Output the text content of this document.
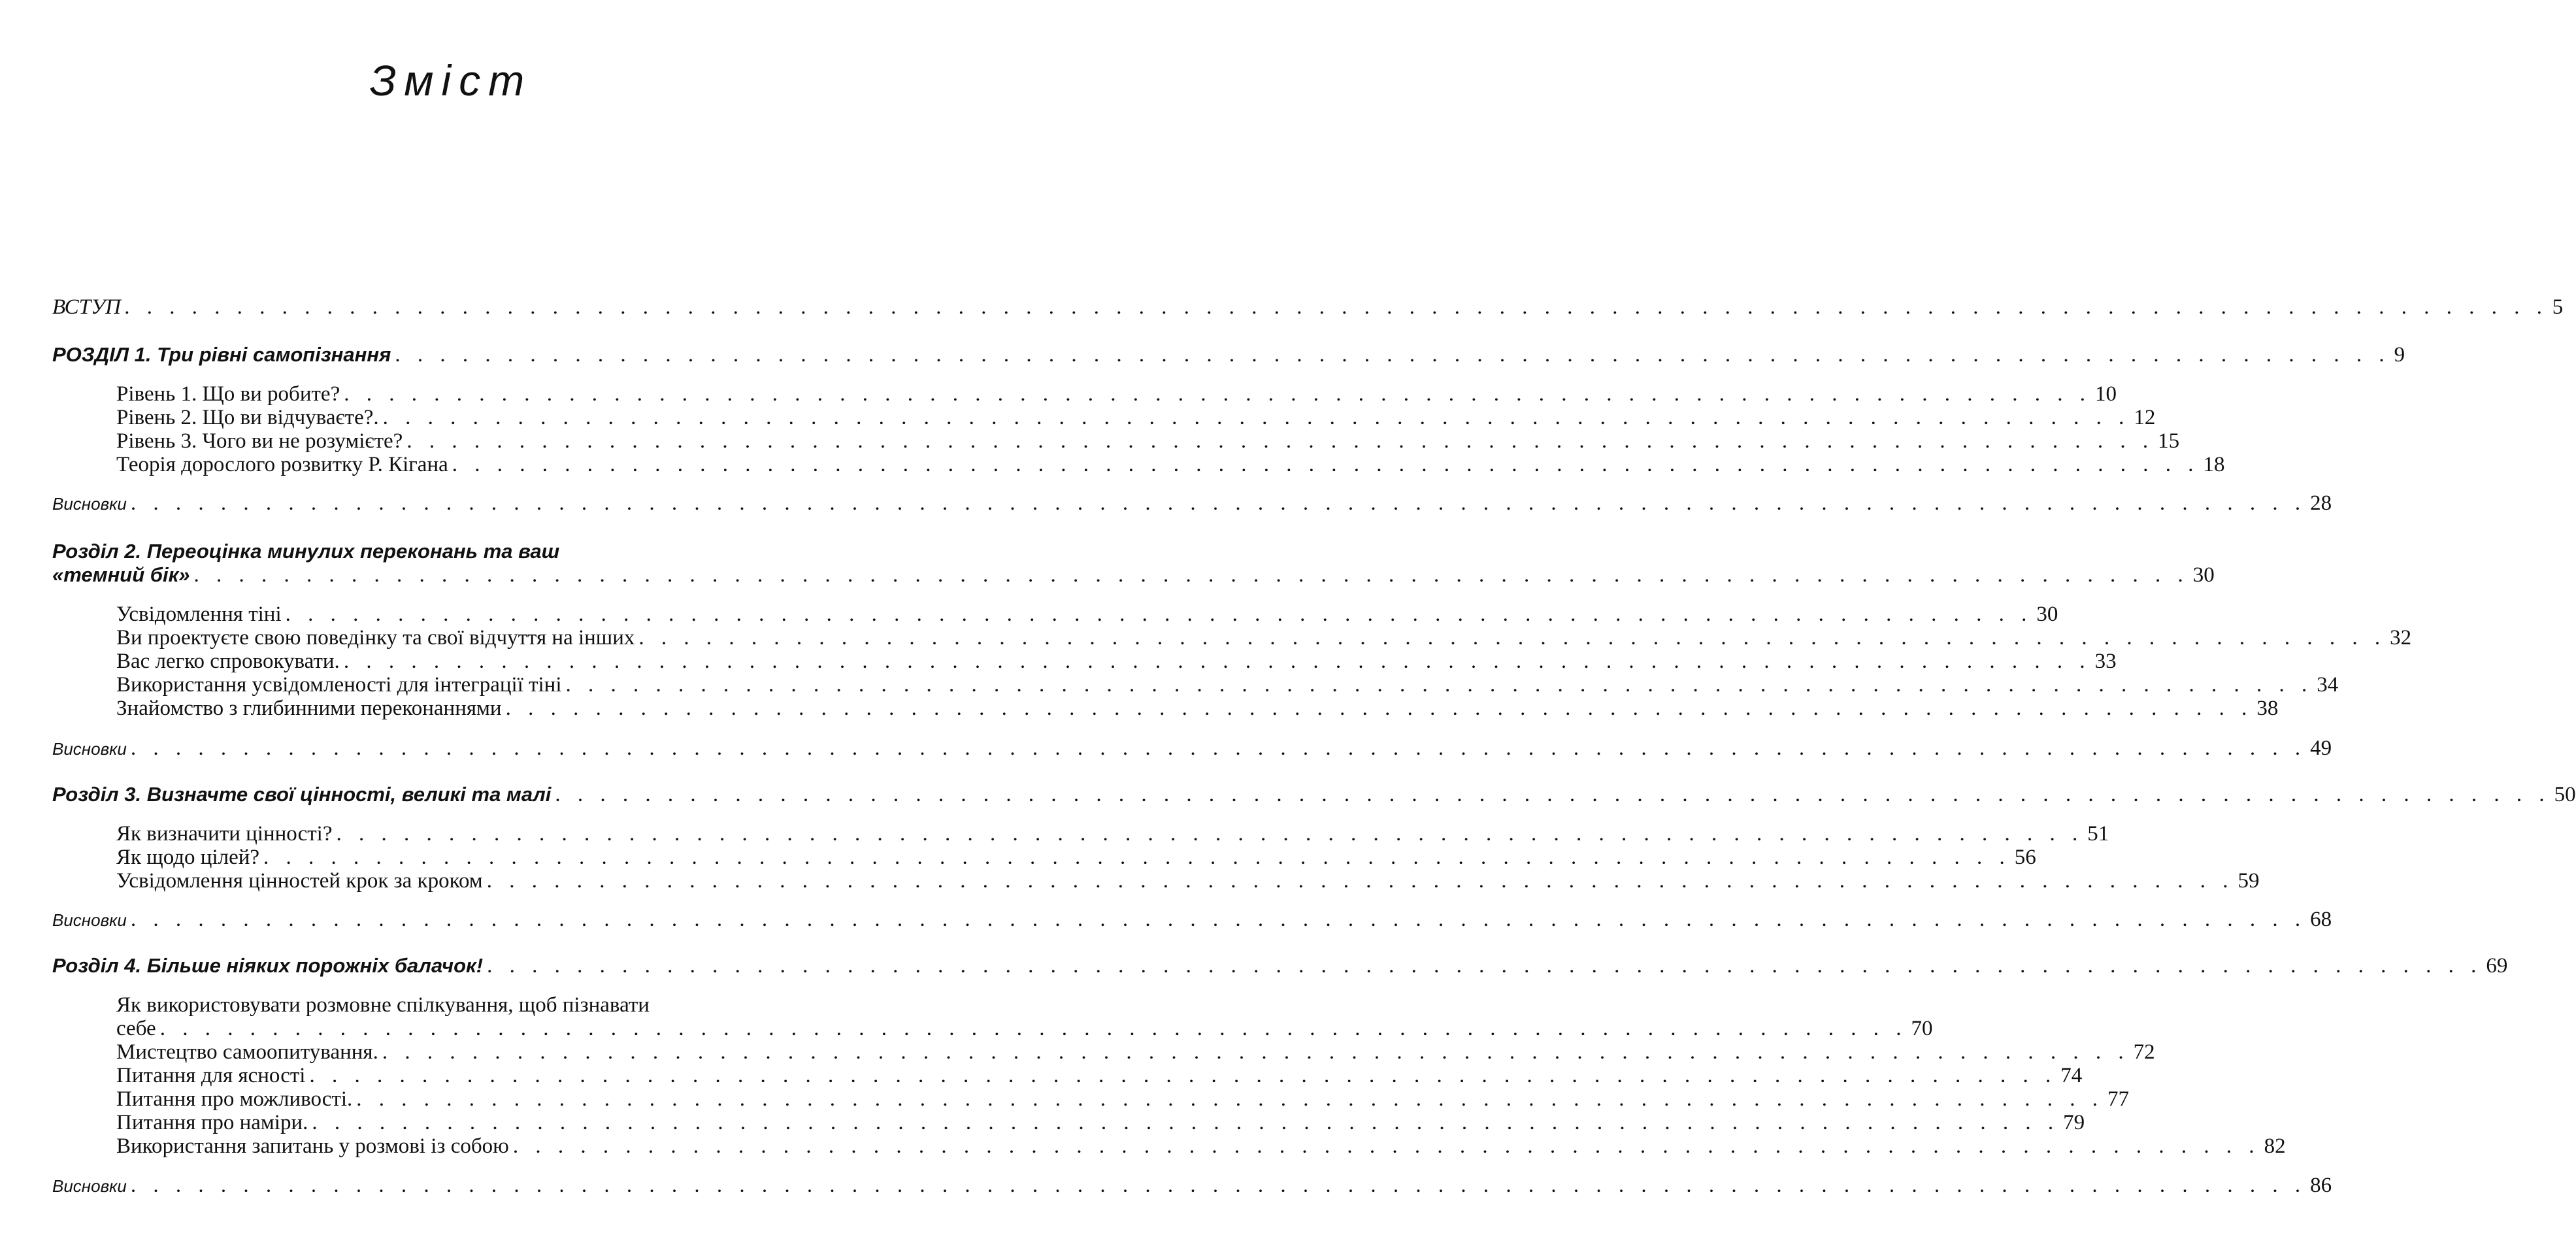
Зміст
ВСТУП . . . . . . . . . . . . . . . . . . . . . . . . . . . . . . . . . . . . . . . . . . . . . . . . . . . . . . . . . . . . . . . . . . . . . . . . . . . . . . . . . . . . . . . . . . . . . . . . . . . . . . . . . . . . 5
РОЗДІЛ 1. Три рівні самопізнання . . . . . . . . . . . . . . . . . . . . . . . . . . . . . . . . . . . . . . . . . . . . . . . . . . . . . . . . . . . . . . . . . . . . . . . . . . . . . . . . . . . . . . . . . 9
Рівень 1. Що ви робите? . . . . . . . . . . . . . . . . . . . . . . . . . . . . . . . . . . . . . . . . . . . . . . . . . . . . . . . . . . . . . . . . . . . . . . . . . . . . . . 10
Рівень 2. Що ви відчуваєте?. . . . . . . . . . . . . . . . . . . . . . . . . . . . . . . . . . . . . . . . . . . . . . . . . . . . . . . . . . . . . . . . . . . . . . . . . . . . . . . 12
Рівень 3. Чого ви не розумієте? . . . . . . . . . . . . . . . . . . . . . . . . . . . . . . . . . . . . . . . . . . . . . . . . . . . . . . . . . . . . . . . . . . . . . . . . . . . . . . 15
Теорія дорослого розвитку Р. Кігана . . . . . . . . . . . . . . . . . . . . . . . . . . . . . . . . . . . . . . . . . . . . . . . . . . . . . . . . . . . . . . . . . . . . . . . . . . . . . . 18
Висновки . . . . . . . . . . . . . . . . . . . . . . . . . . . . . . . . . . . . . . . . . . . . . . . . . . . . . . . . . . . . . . . . . . . . . . . . . . . . . . . . . . . . . . . . . . . . . . . . . 28
Розділ 2. Переоцінка минулих переконань та ваш
«темний бік» . . . . . . . . . . . . . . . . . . . . . . . . . . . . . . . . . . . . . . . . . . . . . . . . . . . . . . . . . . . . . . . . . . . . . . . . . . . . . . . . . . . . . . . . . 30
Усвідомлення тіні . . . . . . . . . . . . . . . . . . . . . . . . . . . . . . . . . . . . . . . . . . . . . . . . . . . . . . . . . . . . . . . . . . . . . . . . . . . . . . 30
Ви проектуєте свою поведінку та свої відчуття на інших . . . . . . . . . . . . . . . . . . . . . . . . . . . . . . . . . . . . . . . . . . . . . . . . . . . . . . . . . . . . . . . . . . . . . . . . . . . . . . 32
Вас легко спровокувати. . . . . . . . . . . . . . . . . . . . . . . . . . . . . . . . . . . . . . . . . . . . . . . . . . . . . . . . . . . . . . . . . . . . . . . . . . . . . . . 33
Використання усвідомленості для інтеграції тіні . . . . . . . . . . . . . . . . . . . . . . . . . . . . . . . . . . . . . . . . . . . . . . . . . . . . . . . . . . . . . . . . . . . . . . . . . . . . . . 34
Знайомство з глибинними переконаннями . . . . . . . . . . . . . . . . . . . . . . . . . . . . . . . . . . . . . . . . . . . . . . . . . . . . . . . . . . . . . . . . . . . . . . . . . . . . . . 38
Висновки . . . . . . . . . . . . . . . . . . . . . . . . . . . . . . . . . . . . . . . . . . . . . . . . . . . . . . . . . . . . . . . . . . . . . . . . . . . . . . . . . . . . . . . . . . . . . . . . . 49
Розділ 3. Визначте свої цінності, великі та малі . . . . . . . . . . . . . . . . . . . . . . . . . . . . . . . . . . . . . . . . . . . . . . . . . . . . . . . . . . . . . . . . . . . . . . . . . . . . . . . . . . . . . . . . . 50
Як визначити цінності? . . . . . . . . . . . . . . . . . . . . . . . . . . . . . . . . . . . . . . . . . . . . . . . . . . . . . . . . . . . . . . . . . . . . . . . . . . . . . . 51
Як щодо цілей? . . . . . . . . . . . . . . . . . . . . . . . . . . . . . . . . . . . . . . . . . . . . . . . . . . . . . . . . . . . . . . . . . . . . . . . . . . . . . . 56
Усвідомлення цінностей крок за кроком . . . . . . . . . . . . . . . . . . . . . . . . . . . . . . . . . . . . . . . . . . . . . . . . . . . . . . . . . . . . . . . . . . . . . . . . . . . . . . 59
Висновки . . . . . . . . . . . . . . . . . . . . . . . . . . . . . . . . . . . . . . . . . . . . . . . . . . . . . . . . . . . . . . . . . . . . . . . . . . . . . . . . . . . . . . . . . . . . . . . . . 68
Розділ 4. Більше ніяких порожніх балачок! . . . . . . . . . . . . . . . . . . . . . . . . . . . . . . . . . . . . . . . . . . . . . . . . . . . . . . . . . . . . . . . . . . . . . . . . . . . . . . . . . . . . . . . . . 69
Як використовувати розмовне спілкування, щоб пізнавати
себе . . . . . . . . . . . . . . . . . . . . . . . . . . . . . . . . . . . . . . . . . . . . . . . . . . . . . . . . . . . . . . . . . . . . . . . . . . . . . . 70
Мистецтво самоопитування. . . . . . . . . . . . . . . . . . . . . . . . . . . . . . . . . . . . . . . . . . . . . . . . . . . . . . . . . . . . . . . . . . . . . . . . . . . . . . . 72
Питання для ясності . . . . . . . . . . . . . . . . . . . . . . . . . . . . . . . . . . . . . . . . . . . . . . . . . . . . . . . . . . . . . . . . . . . . . . . . . . . . . . 74
Питання про можливості. . . . . . . . . . . . . . . . . . . . . . . . . . . . . . . . . . . . . . . . . . . . . . . . . . . . . . . . . . . . . . . . . . . . . . . . . . . . . . . 77
Питання про наміри. . . . . . . . . . . . . . . . . . . . . . . . . . . . . . . . . . . . . . . . . . . . . . . . . . . . . . . . . . . . . . . . . . . . . . . . . . . . . . . 79
Використання запитань у розмові із собою . . . . . . . . . . . . . . . . . . . . . . . . . . . . . . . . . . . . . . . . . . . . . . . . . . . . . . . . . . . . . . . . . . . . . . . . . . . . . . 82
Висновки . . . . . . . . . . . . . . . . . . . . . . . . . . . . . . . . . . . . . . . . . . . . . . . . . . . . . . . . . . . . . . . . . . . . . . . . . . . . . . . . . . . . . . . . . . . . . . . . . 86
